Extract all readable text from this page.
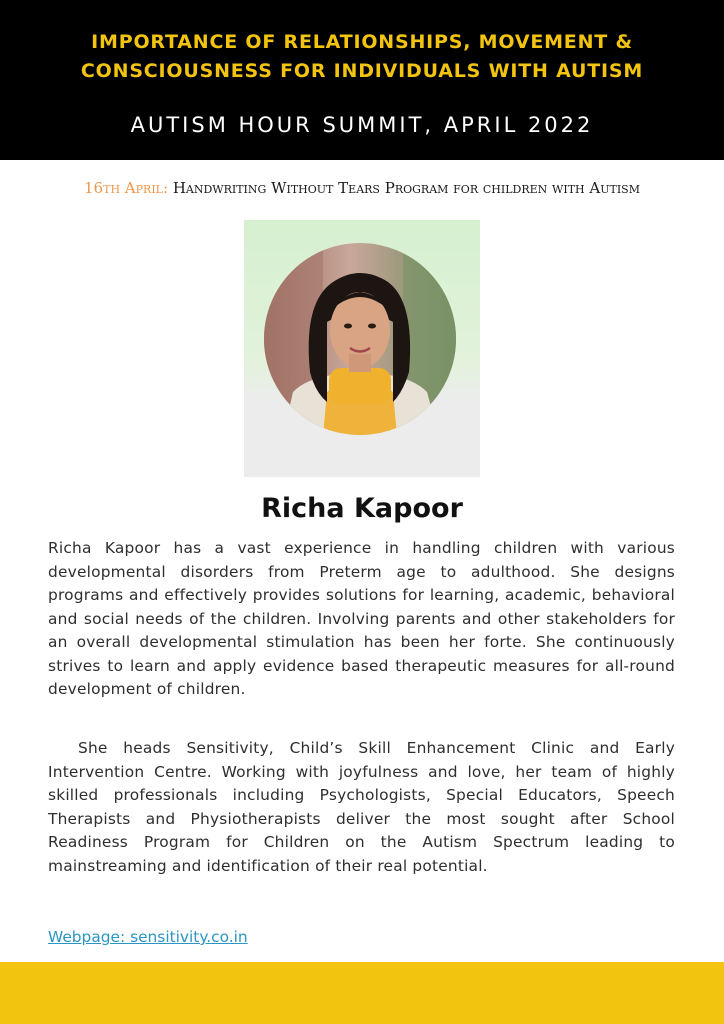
IMPORTANCE OF RELATIONSHIPS, MOVEMENT &
CONSCIOUSNESS FOR INDIVIDUALS WITH AUTISM
AUTISM HOUR SUMMIT, APRIL 2022
16th April: Handwriting Without Tears Program for children with Autism
Richa Kapoor

Richa Kapoor has a vast experience in handling children with various developmental disorders from Preterm age to adulthood. She designs programs and effectively provides solutions for learning, academic, behavioral and social needs of the children. Involving parents and other stakeholders for an overall developmental stimulation has been her forte. She continuously strives to learn and apply evidence based therapeutic measures for all-round development of children.

She heads Sensitivity, Child’s Skill Enhancement Clinic and Early Intervention Centre. Working with joyfulness and love, her team of highly skilled professionals including Psychologists, Special Educators, Speech Therapists and Physiotherapists deliver the most sought after School Readiness Program for Children on the Autism Spectrum leading to mainstreaming and identification of their real potential.

Webpage: sensitivity.co.in
